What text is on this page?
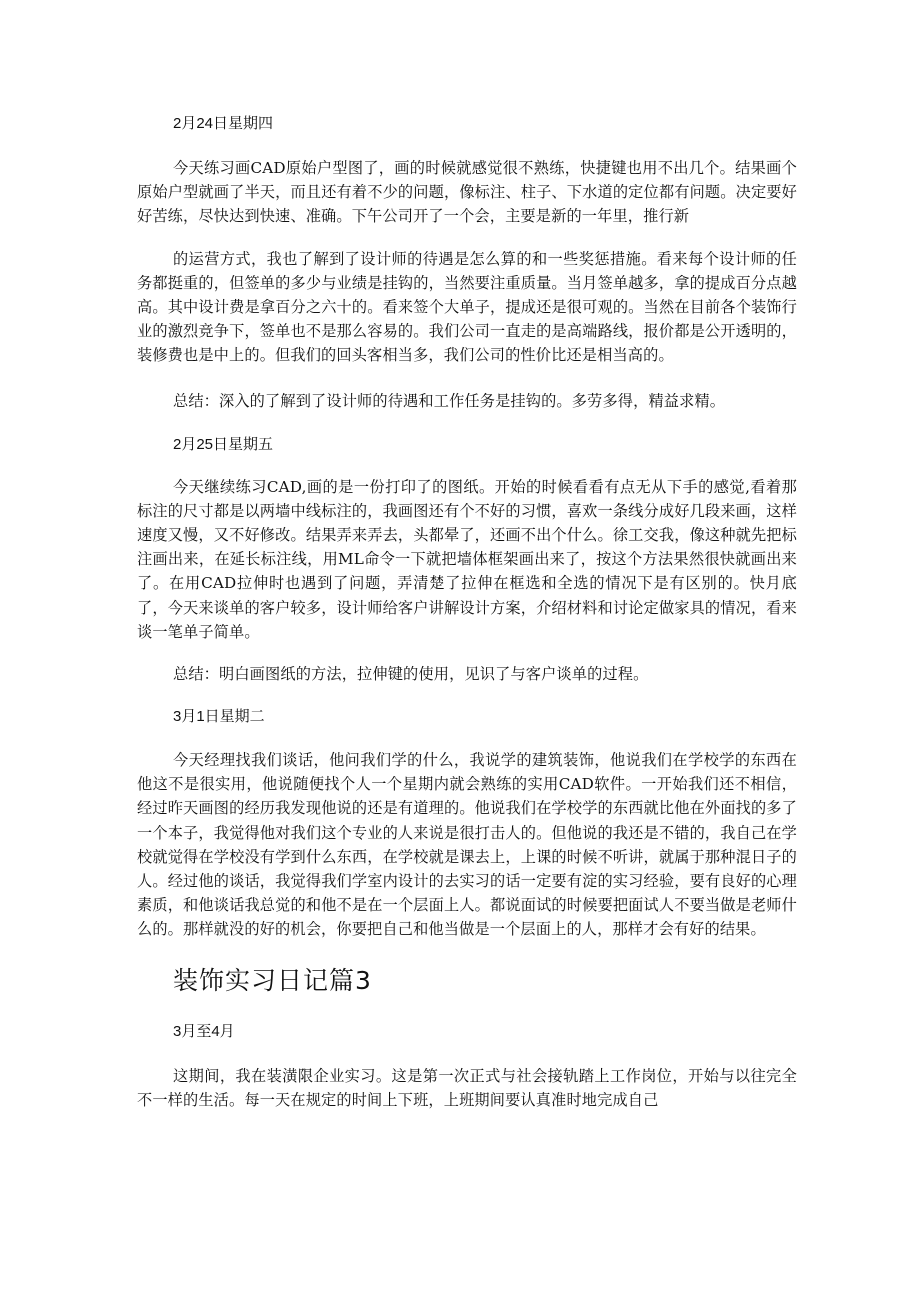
2月24日星期四

今天练习画CAD原始户型图了，画的时候就感觉很不熟练，快捷键也用不出几个。结果画个原始户型就画了半天，而且还有着不少的问题，像标注、柱子、下水道的定位都有问题。决定要好好苦练，尽快达到快速、准确。下午公司开了一个会，主要是新的一年里，推行新

的运营方式，我也了解到了设计师的待遇是怎么算的和一些奖惩措施。看来每个设计师的任务都挺重的，但签单的多少与业绩是挂钩的，当然要注重质量。当月签单越多，拿的提成百分点越高。其中设计费是拿百分之六十的。看来签个大单子，提成还是很可观的。当然在目前各个装饰行业的激烈竞争下，签单也不是那么容易的。我们公司一直走的是高端路线，报价都是公开透明的，装修费也是中上的。但我们的回头客相当多，我们公司的性价比还是相当高的。

总结：深入的了解到了设计师的待遇和工作任务是挂钩的。多劳多得，精益求精。

2月25日星期五

今天继续练习CAD,画的是一份打印了的图纸。开始的时候看看有点无从下手的感觉,看着那标注的尺寸都是以两墙中线标注的，我画图还有个不好的习惯，喜欢一条线分成好几段来画，这样速度又慢，又不好修改。结果弄来弄去，头都晕了，还画不出个什么。徐工交我，像这种就先把标注画出来，在延长标注线，用ML命令一下就把墙体框架画出来了，按这个方法果然很快就画出来了。在用CAD拉伸时也遇到了问题，弄清楚了拉伸在框选和全选的情况下是有区别的。快月底了，今天来谈单的客户较多，设计师给客户讲解设计方案，介绍材料和讨论定做家具的情况，看来谈一笔单子简单。

总结：明白画图纸的方法，拉伸键的使用，见识了与客户谈单的过程。

3月1日星期二

今天经理找我们谈话，他问我们学的什么，我说学的建筑装饰，他说我们在学校学的东西在他这不是很实用，他说随便找个人一个星期内就会熟练的实用CAD软件。一开始我们还不相信，经过昨天画图的经历我发现他说的还是有道理的。他说我们在学校学的东西就比他在外面找的多了一个本子，我觉得他对我们这个专业的人来说是很打击人的。但他说的我还是不错的，我自己在学校就觉得在学校没有学到什么东西，在学校就是课去上，上课的时候不听讲，就属于那种混日子的人。经过他的谈话，我觉得我们学室内设计的去实习的话一定要有淀的实习经验，要有良好的心理素质，和他谈话我总觉的和他不是在一个层面上人。都说面试的时候要把面试人不要当做是老师什么的。那样就没的好的机会，你要把自己和他当做是一个层面上的人，那样才会有好的结果。

装饰实习日记篇3
3月至4月

这期间，我在装潢限企业实习。这是第一次正式与社会接轨踏上工作岗位，开始与以往完全不一样的生活。每一天在规定的时间上下班，上班期间要认真准时地完成自己
